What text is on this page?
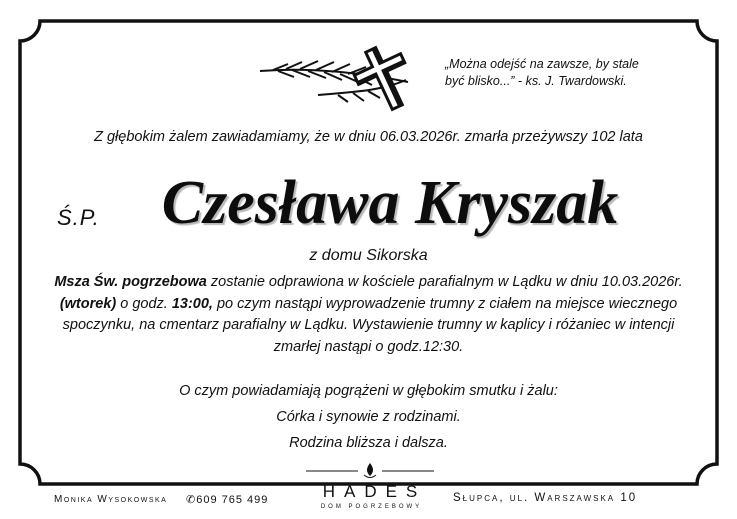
„Można odejść na zawsze, by stale
być blisko...” - ks. J. Twardowski.
Z głębokim żalem zawiadamiamy, że w dniu 06.03.2026r. zmarła przeżywszy 102 lata
Ś.P.	Czesława Kryszak
z domu Sikorska
Msza Św. pogrzebowa zostanie odprawiona w kościele parafialnym w Lądku w dniu 10.03.2026r. (wtorek) o godz. 13:00, po czym nastąpi wyprowadzenie trumny z ciałem na miejsce wiecznego spoczynku, na cmentarz parafialny w Lądku. Wystawienie trumny w kaplicy i różaniec w intencji zmarłej nastąpi o godz.12:30.
O czym powiadamiają pogrążeni w głębokim smutku i żalu:
Córka i synowie z rodzinami.
Rodzina bliższa i dalsza.
Monika Wysokowska ✆609 765 499	HADES
DOM POGRZEBOWY
Słupca, ul. Warszawska 10
